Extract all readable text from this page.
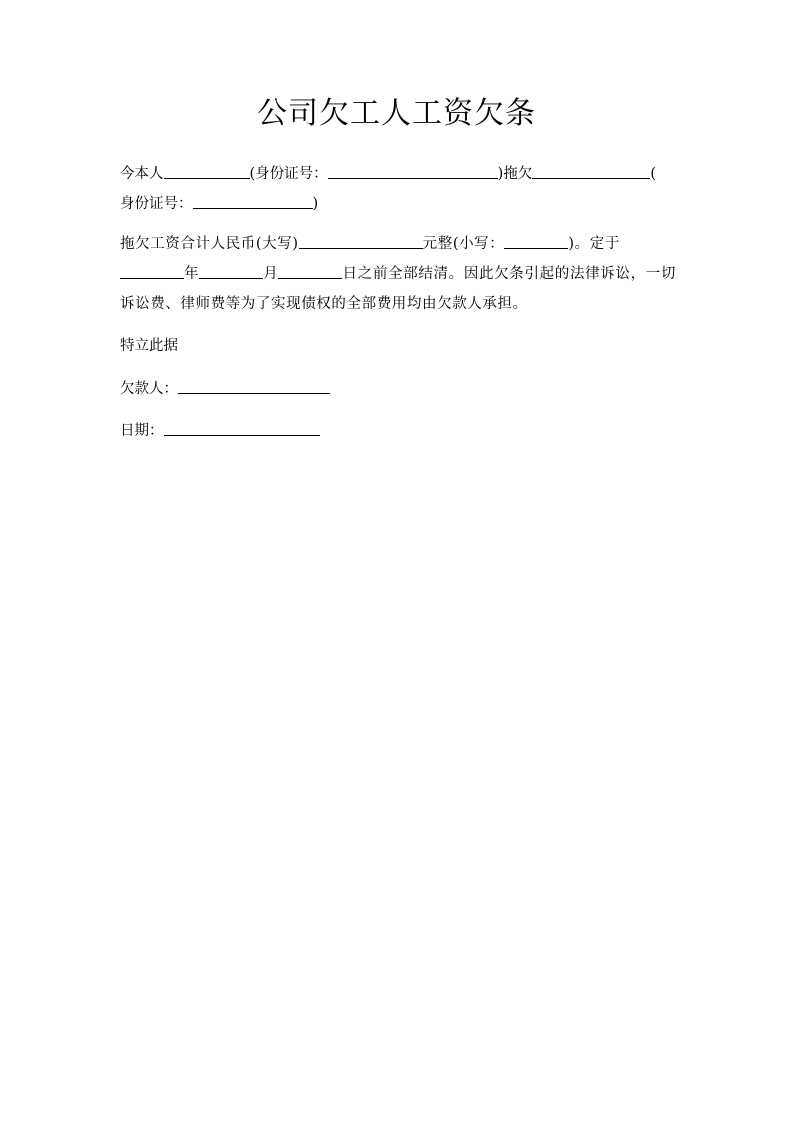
公司欠工人工资欠条
今本人	(身份证号：	)拖欠	(
身份证号：	)
拖欠工资合计人民币(大写)	元整(小写：	)。定于
年	月	日之前全部结清。因此欠条引起的法律诉讼，一切诉讼费、律师费等为了实现债权的全部费用均由欠款人承担。
特立此据
欠款人：
日期：
